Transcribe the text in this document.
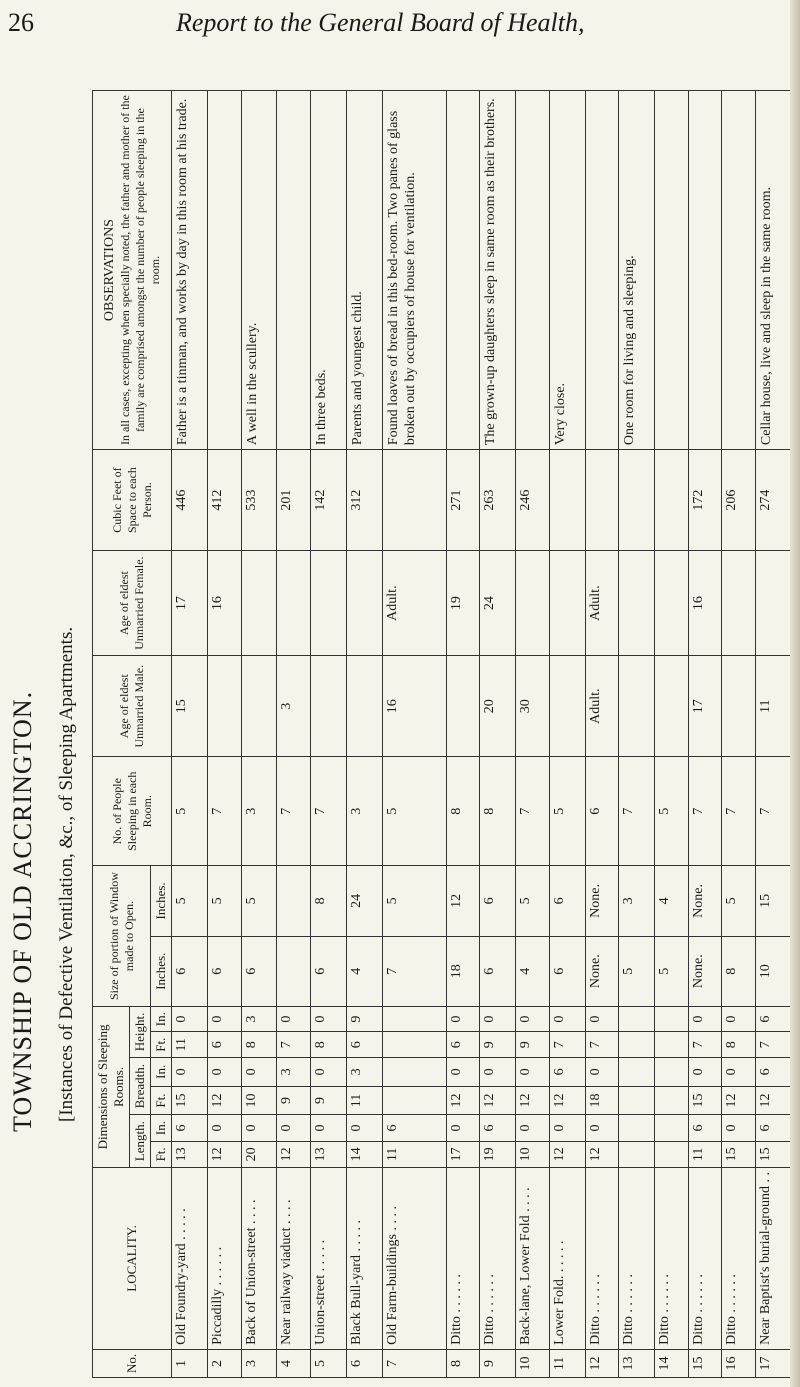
26	Report to the General Board of Health,
TOWNSHIP OF OLD ACCRINGTON. [Instances of Defective Ventilation, &c., of Sleeping Apartments.
No.	LOCALITY.	Dimensions of Sleeping Rooms.						Size of portion of Window made to Open.		No. of People Sleeping in each Room.	Age of eldest Unmarried Male.	Age of eldest Unmarried Female.	Cubic Feet of Space to each Person.	OBSERVATIONS In all cases, excepting when specially noted, the father and mother of the family are comprised amongst the number of people sleeping in the room.

		Length.		Breadth.		Height.								
		Ft.	In.	Ft.	In.	Ft.	In.	Inches.	Inches.					
1	Old Foundry-yard . . . . .	13	6	15	0	11	0	6	5	5	15	17	446	Father is a tinman, and works by day in this room at his trade.
2	Piccadilly . . . . . .	12	0	12	0	6	0	6	5	7		16	412	
3	Back of Union-street . . . .	20	0	10	0	8	3	6	5	3			533	A well in the scullery.
4	Near railway viaduct . . . .	12	0	9	3	7	0			7	3		201	
5	Union-street . . . . .	13	0	9	0	8	0	6	8	7			142	In three beds.
6	Black Bull-yard . . . . .	14	0	11	3	6	9	4	24	3			312	Parents and youngest child.
7	Old Farm-buildings . . . .	11	6					7	5	5	16	Adult.		Found loaves of bread in this bed-room. Two panes of glass broken out by occupiers of house for ventilation.
8	Ditto . . . . . .	17	0	12	0	6	0	18	12	8		19	271	
9	Ditto . . . . . .	19	6	12	0	9	0	6	6	8	20	24	263	The grown-up daughters sleep in same room as their brothers.
10	Back-lane, Lower Fold . . . .	10	0	12	0	9	0	4	5	7	30		246	
11	Lower Fold. . . . . .	12	0	12	6	7	0	6	6	5				Very close.
12	Ditto . . . . . .	12	0	18	0	7	0	None.	None.	6	Adult.	Adult.		
13	Ditto . . . . . .							5	3	7				One room for living and sleeping.
14	Ditto . . . . . .							5	4	5				
15	Ditto . . . . . .	11	6	15	0	7	0	None.	None.	7	17	16	172	
16	Ditto . . . . . .	15	0	12	0	8	0	8	5	7			206	
17	Near Baptist's burial-ground . .	15	6	12	6	7	6	10	15	7	11		274	Cellar house, live and sleep in the same room.
